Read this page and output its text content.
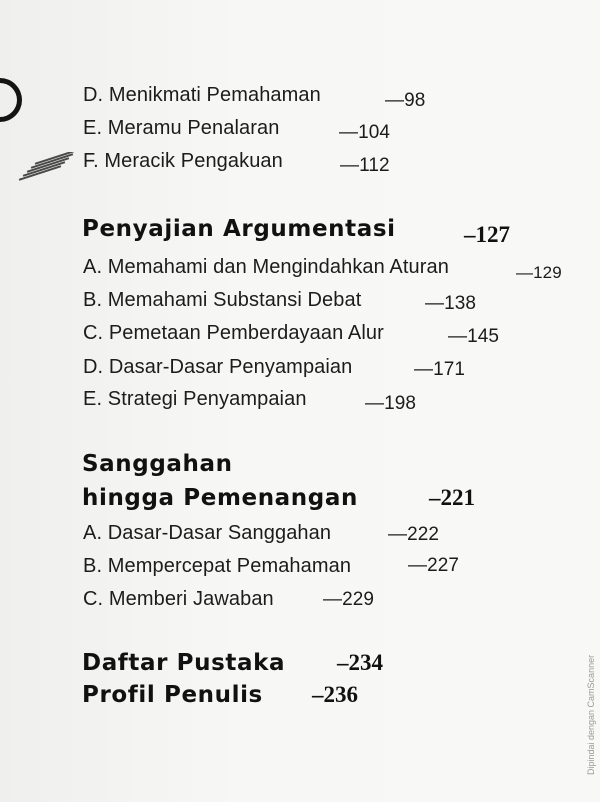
D. Menikmati Pemahaman	—98
E. Meramu Penalaran	—104
F. Meracik Pengakuan	—112
Penyajian Argumentasi	–127
A. Memahami dan Mengindahkan Aturan	—129
B. Memahami Substansi Debat	—138
C. Pemetaan Pemberdayaan Alur	—145
D. Dasar-Dasar Penyampaian	—171
E. Strategi Penyampaian	—198
Sanggahan
hingga Pemenangan	–221
A. Dasar-Dasar Sanggahan	—222
B. Mempercepat Pemahaman	—227
C. Memberi Jawaban	—229
Daftar Pustaka –234
Profil Penulis –236	Dipindai dengan CamScanner
